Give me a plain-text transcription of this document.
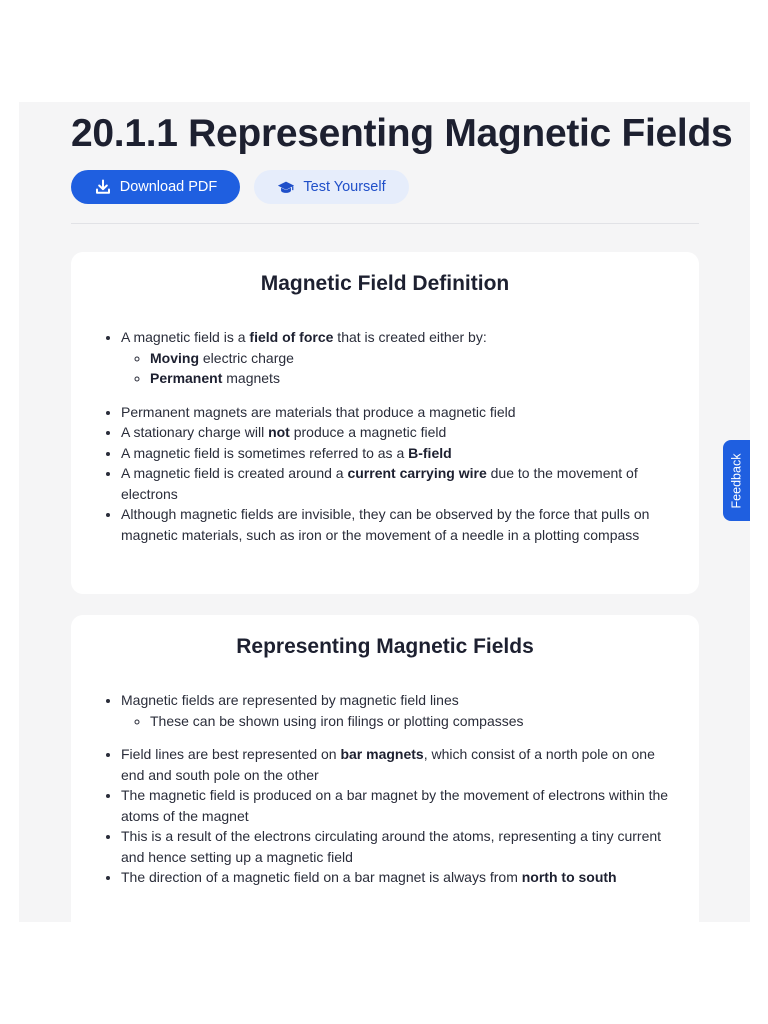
20.1.1 Representing Magnetic Fields
Download PDF	Test Yourself
Magnetic Field Definition
• A magnetic field is a field of force that is created either by:
◦ Moving electric charge
◦ Permanent magnets
• Permanent magnets are materials that produce a magnetic field
• A stationary charge will not produce a magnetic field
• A magnetic field is sometimes referred to as a B-field
• A magnetic field is created around a current carrying wire due to the movement of electrons
• Although magnetic fields are invisible, they can be observed by the force that pulls on magnetic materials, such as iron or the movement of a needle in a plotting compass
Representing Magnetic Fields
• Magnetic fields are represented by magnetic field lines
◦ These can be shown using iron filings or plotting compasses
• Field lines are best represented on bar magnets, which consist of a north pole on one end and south pole on the other
• The magnetic field is produced on a bar magnet by the movement of electrons within the atoms of the magnet
• This is a result of the electrons circulating around the atoms, representing a tiny current and hence setting up a magnetic field
• The direction of a magnetic field on a bar magnet is always from north to south
Feedback
